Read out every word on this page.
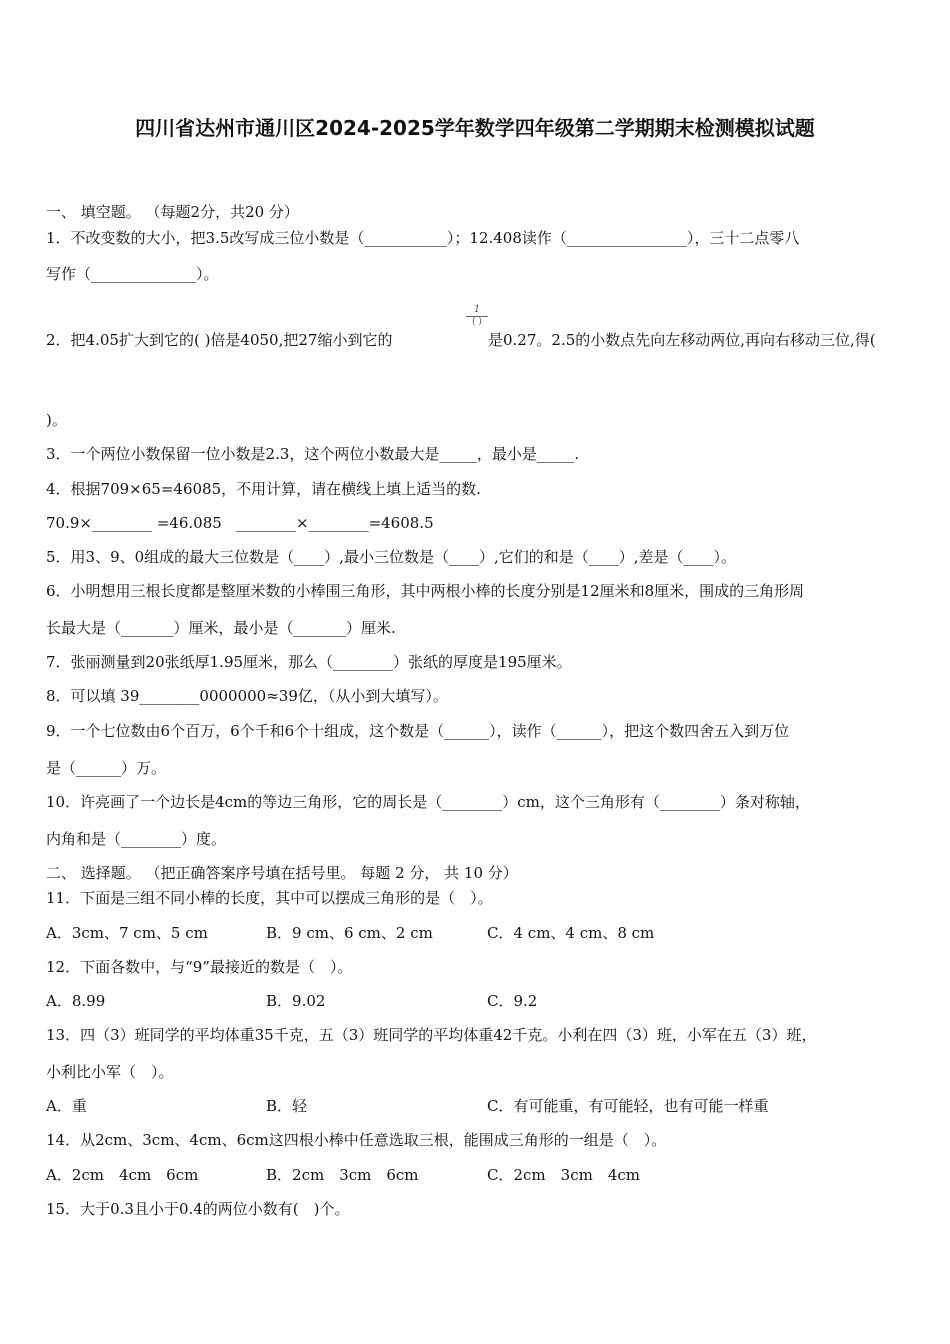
四川省达州市通川区2024-2025学年数学四年级第二学期期末检测模拟试题
一、 填空题。 （每题2分，共20 分）
1．不改变数的大小，把3.5改写成三位小数是（___________）；12.408读作（________________），三十二点零八
写作（______________）。
2．把4.05扩大到它的( )倍是4050,把27缩小到它的
1
( )
是0.27。2.5的小数点先向左移动两位,再向右移动三位,得(
)。
3．一个两位小数保留一位小数是2.3，这个两位小数最大是_____，最小是_____.
4．根据709×65=46085，不用计算，请在横线上填上适当的数.
70.9×________ =46.085 ________×________=4608.5
5．用3、9、0组成的最大三位数是（____）,最小三位数是（____）,它们的和是（____）,差是（____）。
6．小明想用三根长度都是整厘米数的小棒围三角形，其中两根小棒的长度分别是12厘米和8厘米，围成的三角形周
长最大是（_______）厘米，最小是（_______）厘米.
7．张丽测量到20张纸厚1.95厘米，那么（________）张纸的厚度是195厘米。
8．可以填 39________0000000≈39亿，（从小到大填写）。
9．一个七位数由6个百万，6个千和6个十组成，这个数是（______），读作（______），把这个数四舍五入到万位
是（______）万。
10．许亮画了一个边长是4cm的等边三角形，它的周长是（________）cm，这个三角形有（________）条对称轴，
内角和是（________）度。
二、 选择题。 （把正确答案序号填在括号里。 每题 2 分， 共 10 分）
11．下面是三组不同小棒的长度，其中可以摆成三角形的是（　）。
A．3cm、7 cm、5 cm	B．9 cm、6 cm、2 cm	C．4 cm、4 cm、8 cm
12．下面各数中，与“9”最接近的数是（　）。
A．8.99	B．9.02	C．9.2
13．四（3）班同学的平均体重35千克，五（3）班同学的平均体重42千克。小利在四（3）班，小军在五（3）班，
小利比小军（　）。
A．重	B．轻	C．有可能重，有可能轻，也有可能一样重
14．从2cm、3cm、4cm、6cm这四根小棒中任意选取三根，能围成三角形的一组是（　）。
A．2cm　4cm　6cm	B．2cm　3cm　6cm	C．2cm　3cm　4cm
15．大于0.3且小于0.4的两位小数有(　)个。
